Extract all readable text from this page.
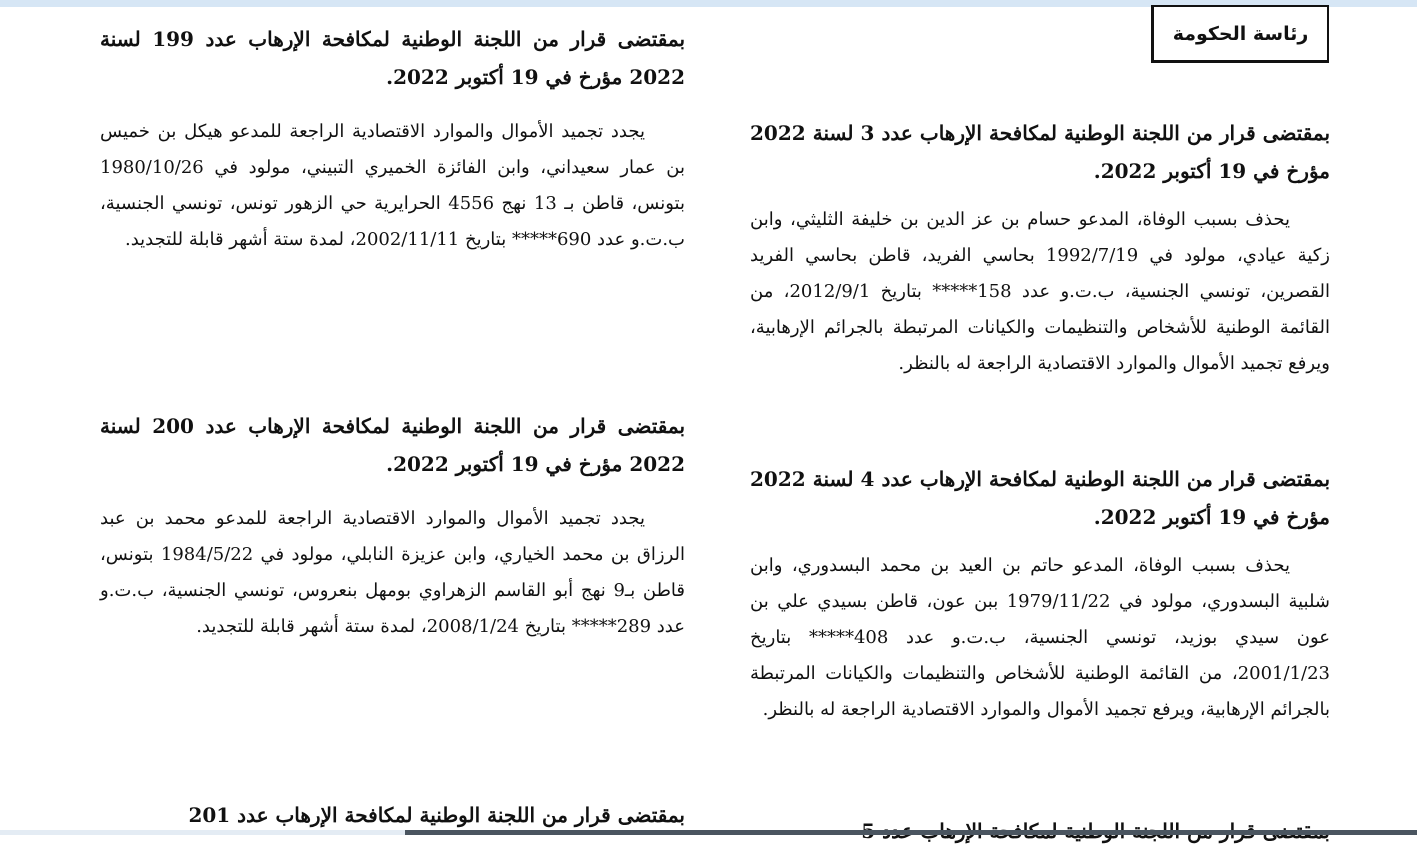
رئاسة الحكومة
بمقتضى قرار من اللجنة الوطنية لمكافحة الإرهاب عدد 3 لسنة 2022 مؤرخ في 19 أكتوبر 2022.
يحذف بسبب الوفاة، المدعو حسام بن عز الدين بن خليفة الثليثي، وابن زكية عيادي، مولود في 1992/7/19 بحاسي الفريد، قاطن بحاسي الفريد القصرين، تونسي الجنسية، ب.ت.و عدد 158***** بتاريخ 2012/9/1، من القائمة الوطنية للأشخاص والتنظيمات والكيانات المرتبطة بالجرائم الإرهابية، ويرفع تجميد الأموال والموارد الاقتصادية الراجعة له بالنظر.
بمقتضى قرار من اللجنة الوطنية لمكافحة الإرهاب عدد 4 لسنة 2022 مؤرخ في 19 أكتوبر 2022.
يحذف بسبب الوفاة، المدعو حاتم بن العيد بن محمد البسدوري، وابن شلبية البسدوري، مولود في 1979/11/22 ببن عون، قاطن بسيدي علي بن عون سيدي بوزيد، تونسي الجنسية، ب.ت.و عدد 408***** بتاريخ 2001/1/23، من القائمة الوطنية للأشخاص والتنظيمات والكيانات المرتبطة بالجرائم الإرهابية، ويرفع تجميد الأموال والموارد الاقتصادية الراجعة له بالنظر.
بمقتضى قرار من اللجنة الوطنية لمكافحة الإرهاب عدد 199 لسنة 2022 مؤرخ في 19 أكتوبر 2022.
يجدد تجميد الأموال والموارد الاقتصادية الراجعة للمدعو هيكل بن خميس بن عمار سعيداني، وابن الفائزة الخميري التبيني، مولود في 1980/10/26 بتونس، قاطن بـ 13 نهج 4556 الحرايرية حي الزهور تونس، تونسي الجنسية، ب.ت.و عدد 690***** بتاريخ 2002/11/11، لمدة ستة أشهر قابلة للتجديد.
بمقتضى قرار من اللجنة الوطنية لمكافحة الإرهاب عدد 200 لسنة 2022 مؤرخ في 19 أكتوبر 2022.
يجدد تجميد الأموال والموارد الاقتصادية الراجعة للمدعو محمد بن عبد الرزاق بن محمد الخياري، وابن عزيزة النابلي، مولود في 1984/5/22 بتونس، قاطن بـ9 نهج أبو القاسم الزهراوي بومهل بنعروس، تونسي الجنسية، ب.ت.و عدد 289***** بتاريخ 2008/1/24، لمدة ستة أشهر قابلة للتجديد.
بمقتضى قرار من اللجنة الوطنية لمكافحة الإرهاب عدد 201
